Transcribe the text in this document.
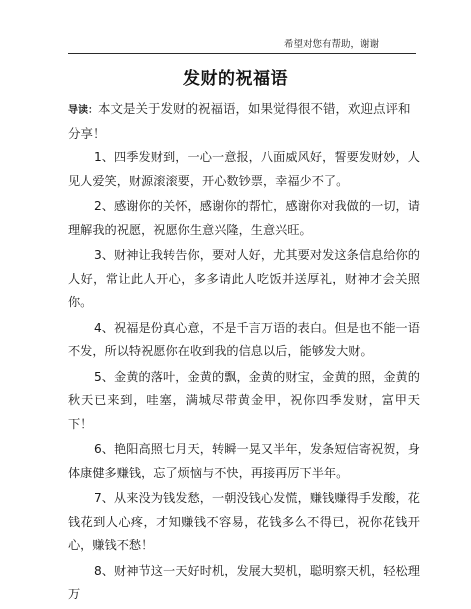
希望对您有帮助，谢谢
发财的祝福语
导读：本文是关于发财的祝福语，如果觉得很不错，欢迎点评和分享！

1、四季发财到，一心一意报，八面威风好，誓要发财妙，人见人爱笑，财源滚滚要，开心数钞票，幸福少不了。

2、感谢你的关怀，感谢你的帮忙，感谢你对我做的一切，请理解我的祝愿，祝愿你生意兴隆，生意兴旺。

3、财神让我转告你，要对人好，尤其要对发这条信息给你的人好，常让此人开心，多多请此人吃饭并送厚礼，财神才会关照你。

4、祝福是份真心意，不是千言万语的表白。但是也不能一语不发，所以特祝愿你在收到我的信息以后，能够发大财。

5、金黄的落叶，金黄的飘，金黄的财宝，金黄的照，金黄的秋天已来到，哇塞，满城尽带黄金甲，祝你四季发财，富甲天下！

6、艳阳高照七月天，转瞬一晃又半年，发条短信寄祝贺，身体康健多赚钱，忘了烦恼与不快，再接再厉下半年。

7、从来没为钱发愁，一朝没钱心发慌，赚钱赚得手发酸，花钱花到人心疼，才知赚钱不容易，花钱多么不得已，祝你花钱开心，赚钱不愁！

8、财神节这一天好时机，发展大契机，聪明察天机，轻松理万
